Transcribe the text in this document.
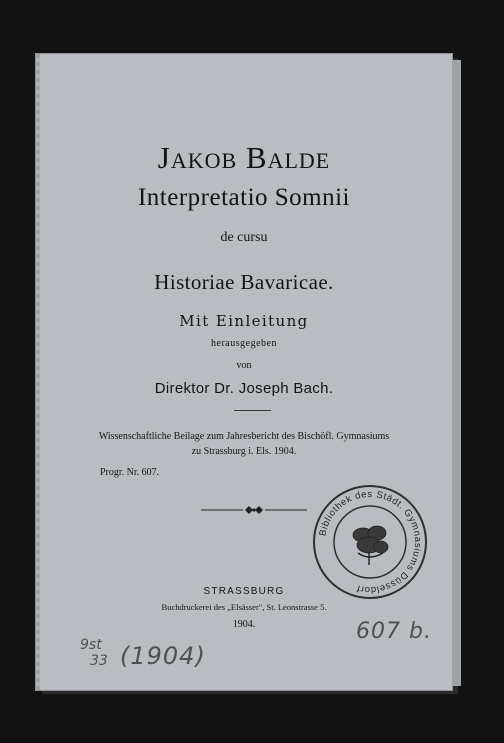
Jakob Balde
Interpretatio Somnii
de cursu
Historiae Bavaricae.
Mit Einleitung
herausgegeben
von
Direktor Dr. Joseph Bach.
Wissenschaftliche Beilage zum Jahresbericht des Bischöfl. Gymnasiums
zu Strassburg i. Els. 1904.
Progr. Nr. 607.
Bibliothek des Städt. Gymnasiums Düsseldorf
STRASSBURG
Buchdruckerei des „Elsässer", St. Leonstrasse 5.
1904.
9st
33 (1904)
607 b.
